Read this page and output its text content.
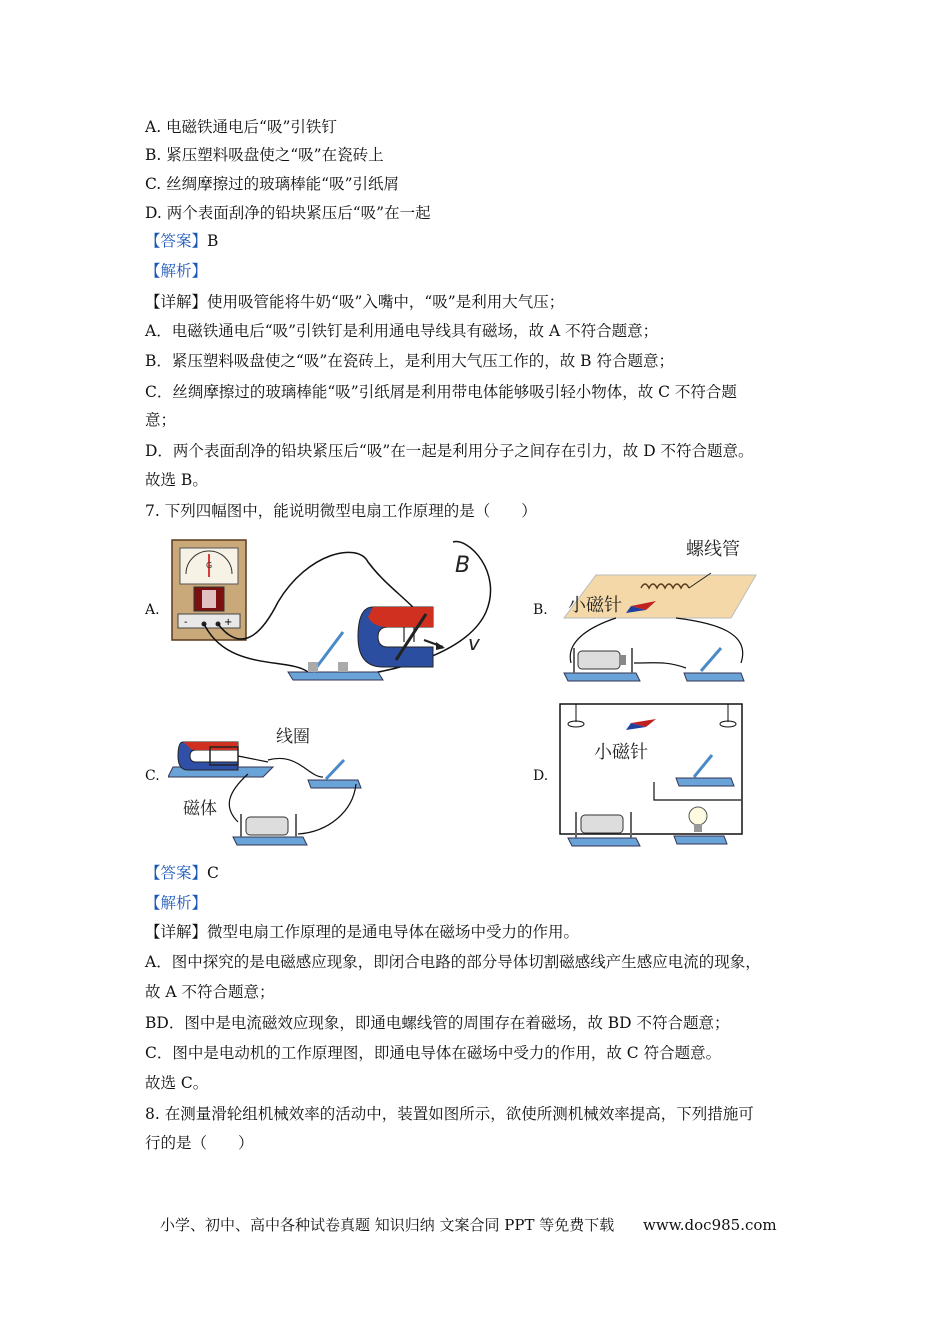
A. 电磁铁通电后“吸”引铁钉
B. 紧压塑料吸盘使之“吸”在瓷砖上
C. 丝绸摩擦过的玻璃棒能“吸”引纸屑
D. 两个表面刮净的铅块紧压后“吸”在一起
【答案】B
【解析】
【详解】使用吸管能将牛奶“吸”入嘴中，“吸”是利用大气压；
A．电磁铁通电后“吸”引铁钉是利用通电导线具有磁场，故 A 不符合题意；
B．紧压塑料吸盘使之“吸”在瓷砖上，是利用大气压工作的，故 B 符合题意；
C．丝绸摩擦过的玻璃棒能“吸”引纸屑是利用带电体能够吸引轻小物体，故 C 不符合题
意；
D．两个表面刮净的铅块紧压后“吸”在一起是利用分子之间存在引力，故 D 不符合题意。
故选 B。
7. 下列四幅图中，能说明微型电扇工作原理的是（　　）
A.
G
-	+
B
v
B.
螺线管
小磁针
C.
线圈
磁体
D.
小磁针
【答案】C
【解析】
【详解】微型电扇工作原理的是通电导体在磁场中受力的作用。
A．图中探究的是电磁感应现象，即闭合电路的部分导体切割磁感线产生感应电流的现象，
故 A 不符合题意；
BD．图中是电流磁效应现象，即通电螺线管的周围存在着磁场，故 BD 不符合题意；
C．图中是电动机的工作原理图，即通电导体在磁场中受力的作用，故 C 符合题意。
故选 C。
8. 在测量滑轮组机械效率的活动中，装置如图所示，欲使所测机械效率提高，下列措施可
行的是（　　）
小学、初中、高中各种试卷真题 知识归纳 文案合同 PPT 等免费下载 www.doc985.com
